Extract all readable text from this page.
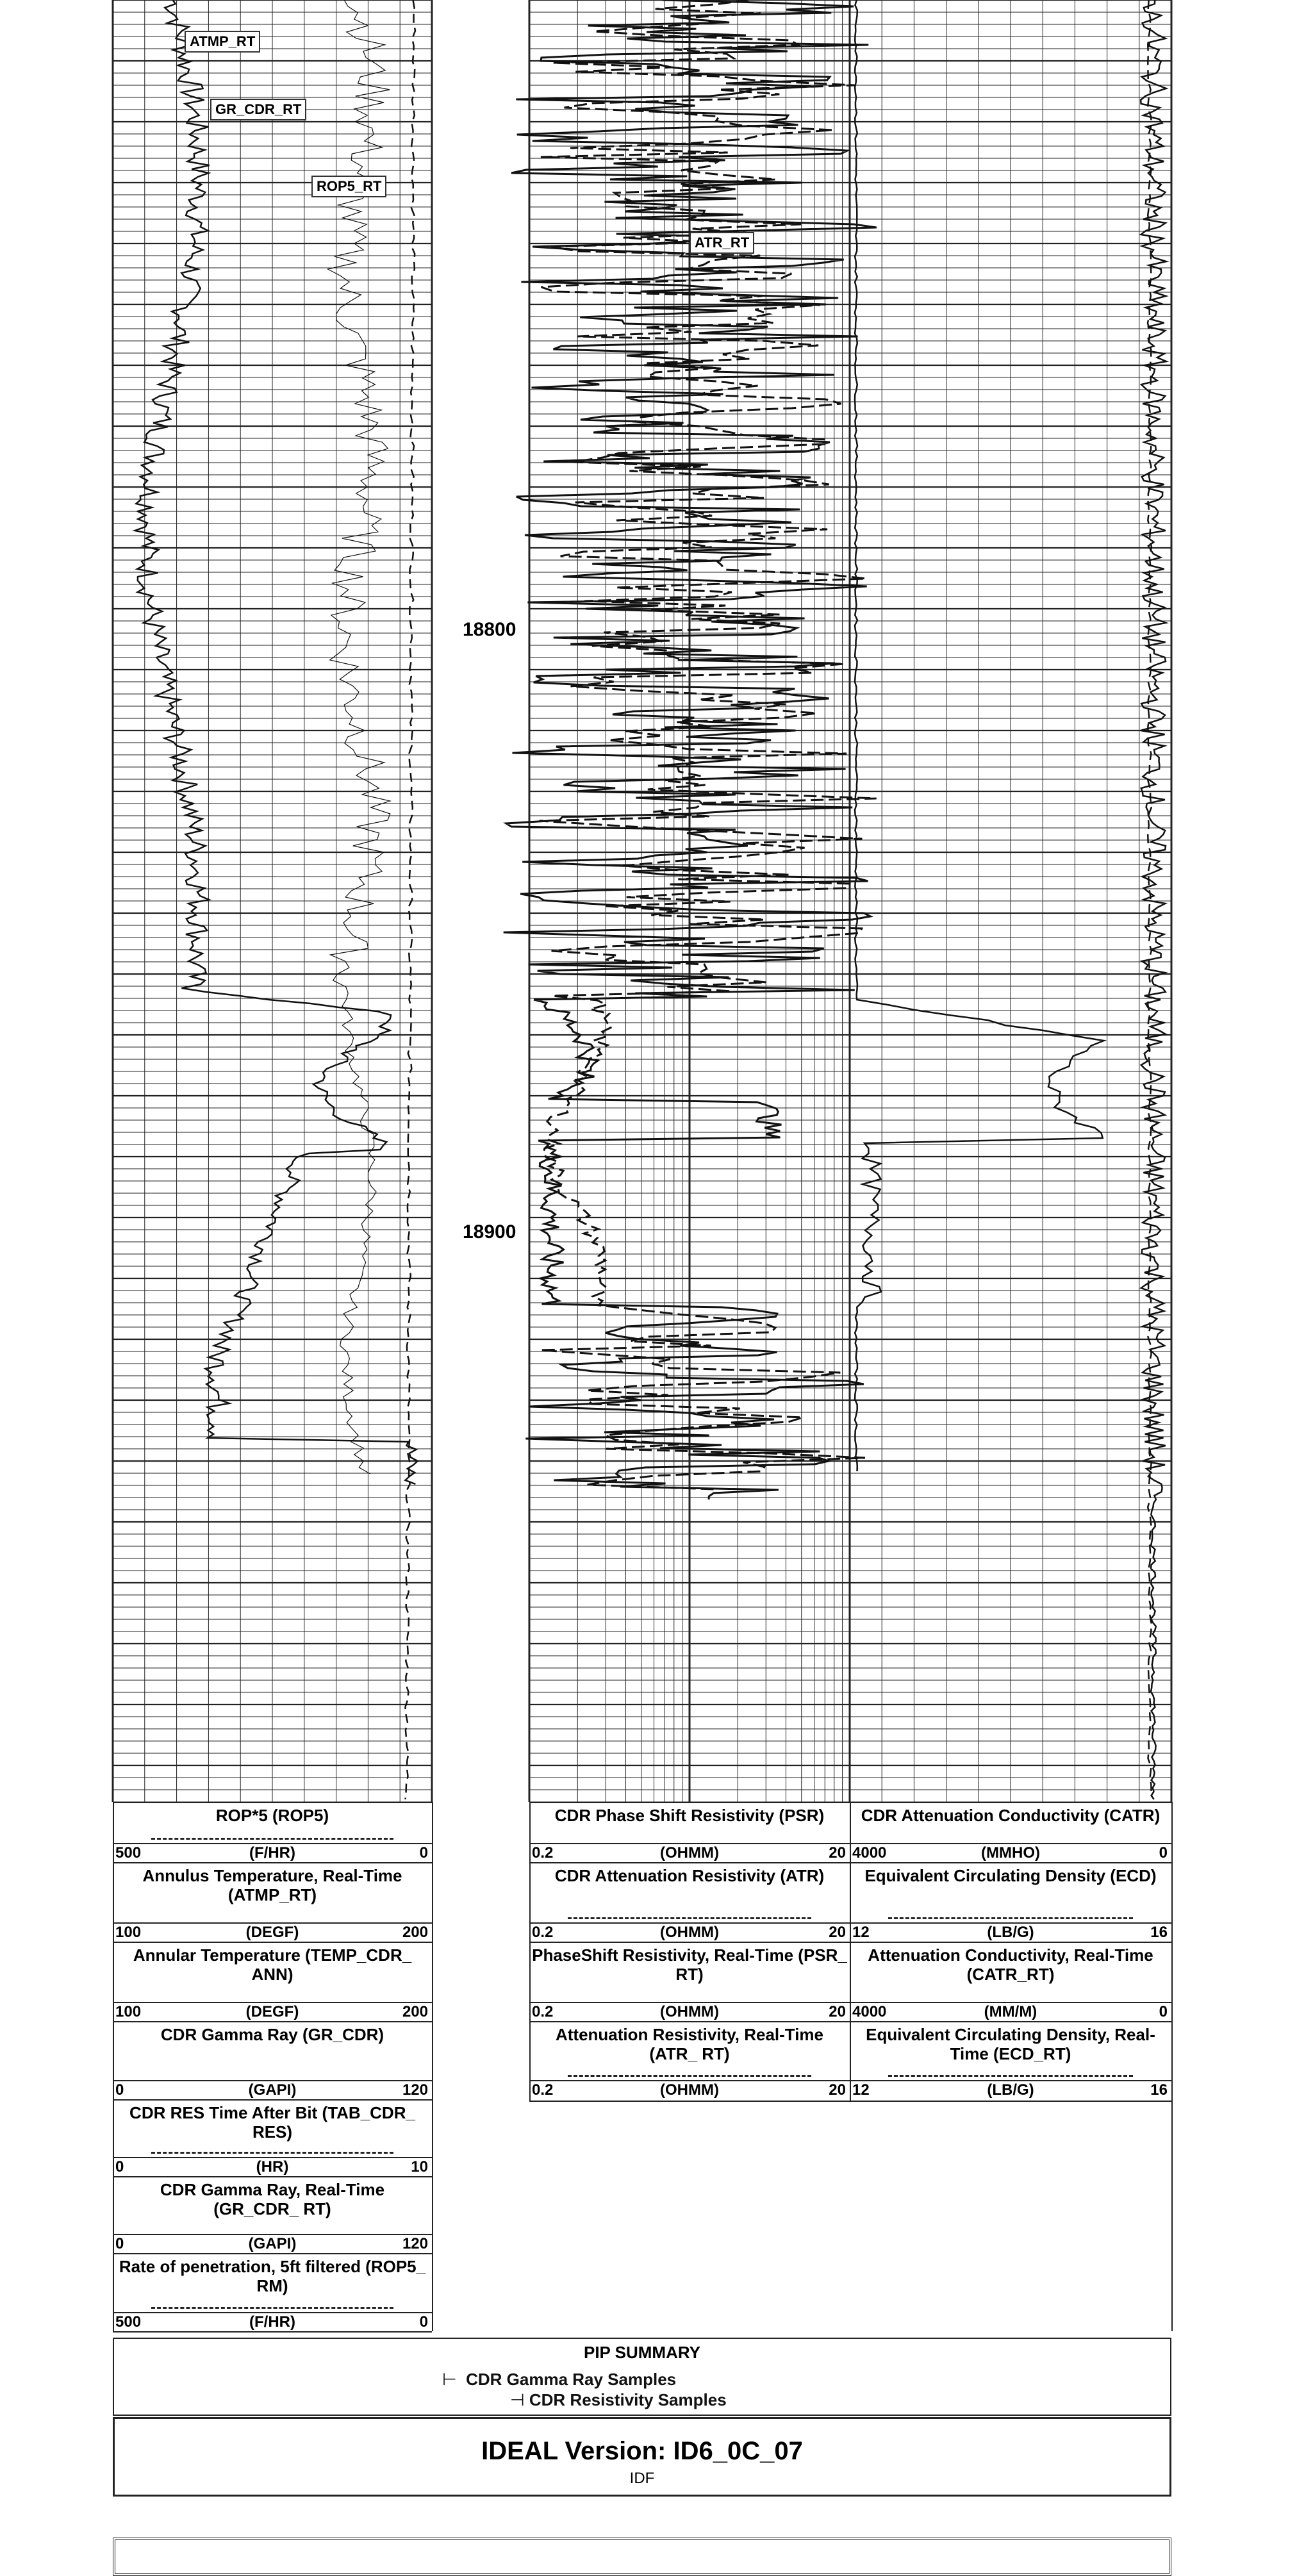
18800
18900
ATMP_RT
GR_CDR_RT
ROP5_RT
ATR_RT
ROP*5 (ROP5)
500	(F/HR)	0
Annulus Temperature, Real-Time (ATMP_RT)
100	(DEGF)	200
Annular Temperature (TEMP_CDR_ ANN)
100	(DEGF)	200
CDR Gamma Ray (GR_CDR)
0	(GAPI)	120
CDR RES Time After Bit (TAB_CDR_ RES)
0	(HR)	10
CDR Gamma Ray, Real-Time (GR_CDR_ RT)
0	(GAPI)	120
Rate of penetration, 5ft filtered (ROP5_ RM)
500	(F/HR)	0
CDR Phase Shift Resistivity (PSR)
0.2	(OHMM)	20
CDR Attenuation Resistivity (ATR)
0.2	(OHMM)	20
PhaseShift Resistivity, Real-Time (PSR_ RT)
0.2	(OHMM)	20
Attenuation Resistivity, Real-Time (ATR_ RT)
0.2	(OHMM)	20
CDR Attenuation Conductivity (CATR)
4000	(MMHO)	0
Equivalent Circulating Density (ECD)
12	(LB/G)	16
Attenuation Conductivity, Real-Time (CATR_RT)
4000	(MM/M)	0
Equivalent Circulating Density, Real-Time (ECD_RT)
12	(LB/G)	16
PIP SUMMARY
⊢  CDR Gamma Ray Samples
⊣ CDR Resistivity Samples
IDEAL Version: ID6_0C_07
IDF
